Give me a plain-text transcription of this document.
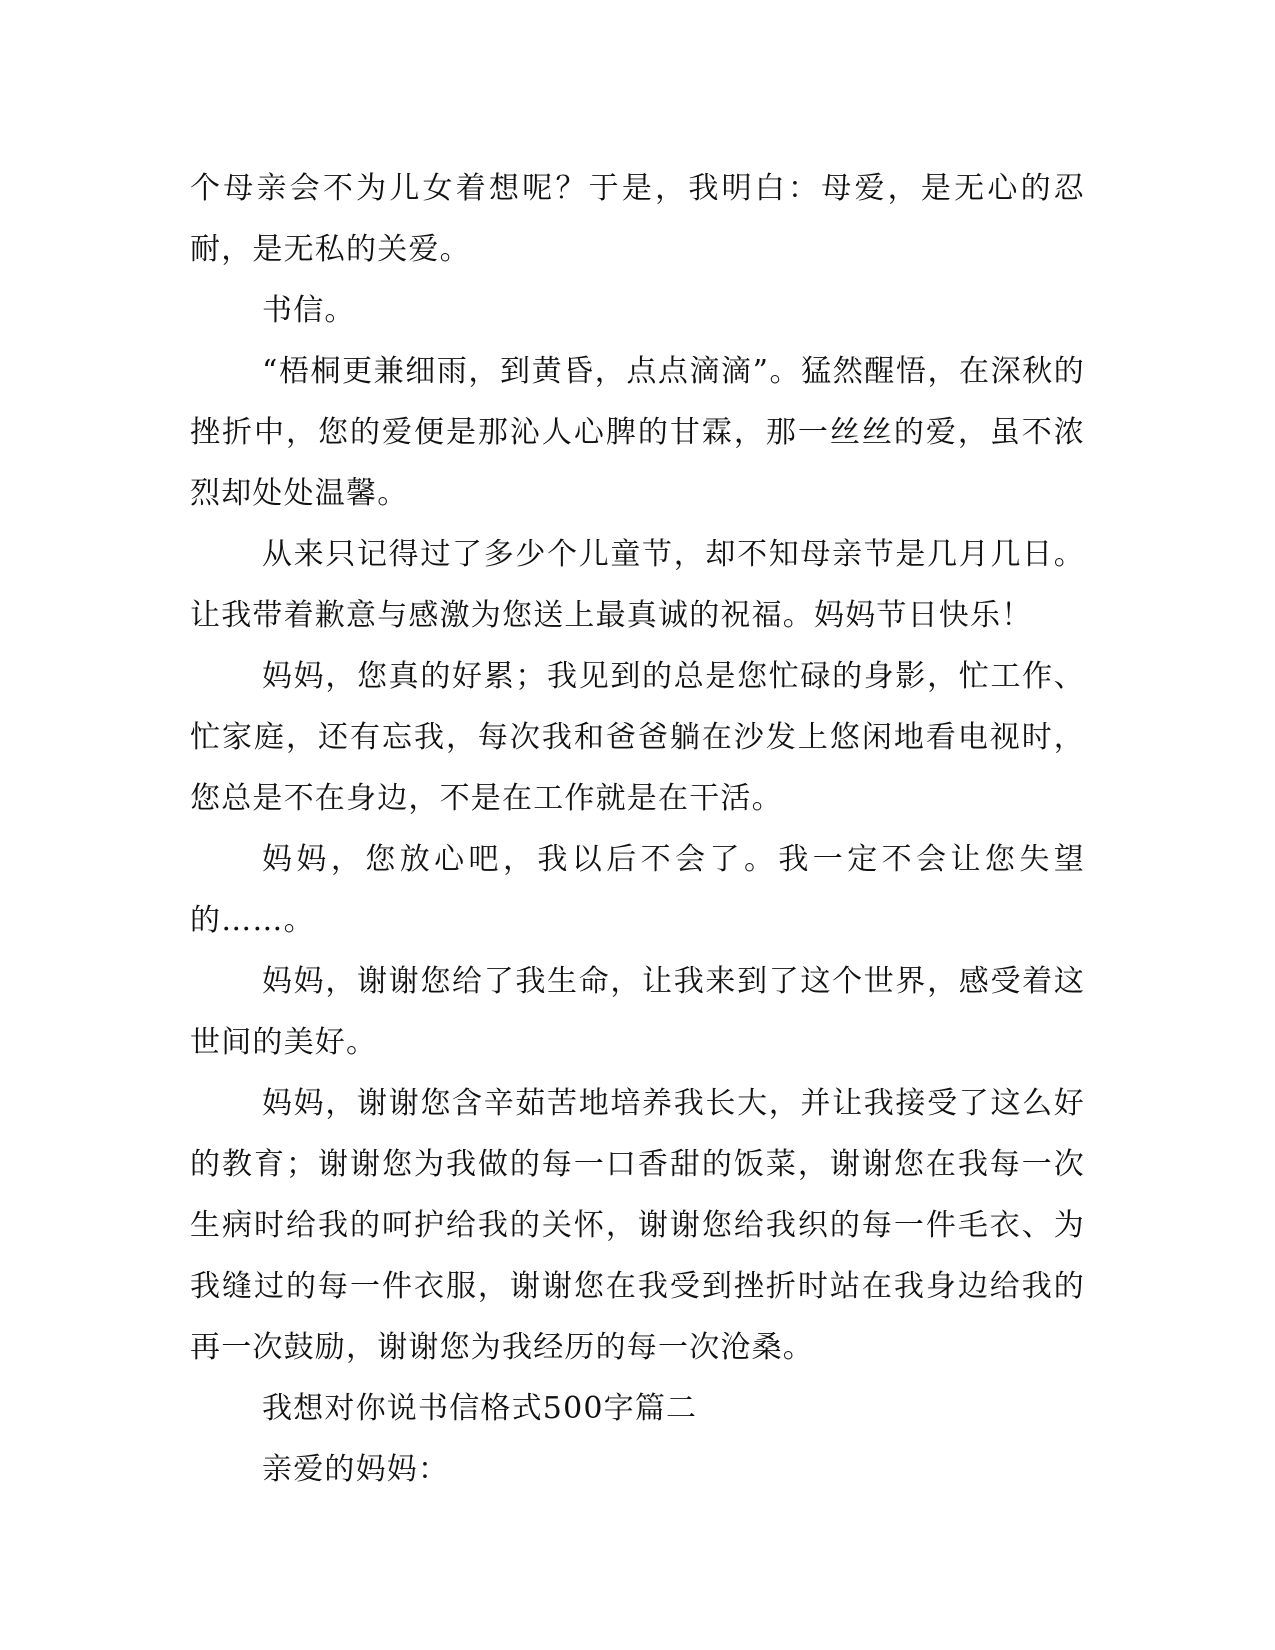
个母亲会不为儿女着想呢？于是，我明白：母爱，是无心的忍耐，是无私的关爱。

书信。

“梧桐更兼细雨，到黄昏，点点滴滴”。猛然醒悟，在深秋的挫折中，您的爱便是那沁人心脾的甘霖，那一丝丝的爱，虽不浓烈却处处温馨。

从来只记得过了多少个儿童节，却不知母亲节是几月几日。让我带着歉意与感激为您送上最真诚的祝福。妈妈节日快乐！

妈妈，您真的好累；我见到的总是您忙碌的身影，忙工作、忙家庭，还有忘我，每次我和爸爸躺在沙发上悠闲地看电视时，您总是不在身边，不是在工作就是在干活。

妈妈，您放心吧，我以后不会了。我一定不会让您失望的……。

妈妈，谢谢您给了我生命，让我来到了这个世界，感受着这世间的美好。

妈妈，谢谢您含辛茹苦地培养我长大，并让我接受了这么好的教育；谢谢您为我做的每一口香甜的饭菜，谢谢您在我每一次生病时给我的呵护给我的关怀，谢谢您给我织的每一件毛衣、为我缝过的每一件衣服，谢谢您在我受到挫折时站在我身边给我的再一次鼓励，谢谢您为我经历的每一次沧桑。

我想对你说书信格式500字篇二

亲爱的妈妈：
